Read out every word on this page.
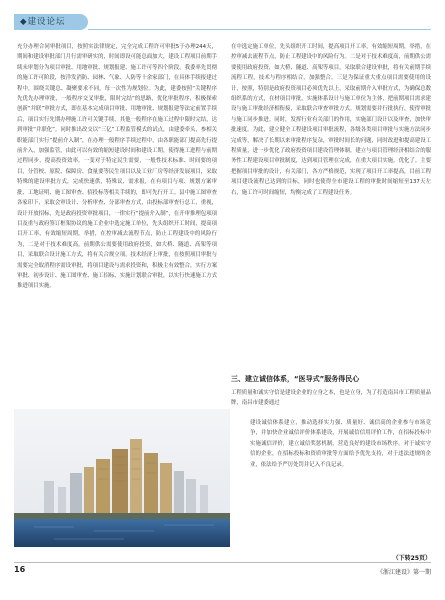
◆建设论坛
充分办理合同审批项目，按照实法律规定，完全完成工程许可审批5于办理244天，期间和建设审批部门月行需审研实的，时间即设可能总面加大，建设工程项目前期手续未审划分为项目审批、用地审批、规划报建、施工许可等四个阶段。我委率先贯彻的施工许可阶段，按洋发消防、园林、气象、人防等十余家部门，在具体手续报建过程中，围绕关键总、凝聚要求不同，每一次性为规划位。为此，建委按照“关键程序先优先办理审批，一般程序交叉审批，限时完结”的思路，优化审批程序，积极探索创新“并联”审批方式，即在基本完成项目审批、用地审批、规划报建等法定前置手续后，项目实行先期办理施工许可关键手续，其他一般程序在施工过程中限时完结，达到审批“并联化”。同时推出改交以“三亿”工程监管模式的试点，由建委牵头，参相关职能部门实行“提前介入制”，在办理一般程序手续过程中，由各职能部门提高先行提前介入，加强监管，由此可以有效的缩短建设时间和建设工期，使得施工进程与前期过程同步，提高投资效率。一变对于特定民生需要，一般性技术标准、时间要的项目，分管校、原院、保障房、食量要等民生项目以及工业厂房等经济发展项目，采取特殊的建设审批方式，完成快速供，特殊议、需求报，在有项目与项、规划方案审批、工地证明、施工图审查、招投标等相关手续的，即可先行开工。县中施工图审查各家印下，采取会审设计、分析审查、分部审查方式，由投标部审查行总工，重视，设计开放招标，先是政府投资审批项目，一律实行“提前介入制”，在开审推理包项项目及重与政府签订框架协议的施工企业中选定施工单位，先头组织开工时间，提高项目开工率，有效缩短周期，举措，在控审减去流程节点，防止工程建设中的风险行为，二是对于技术难度高，前期供公需要使用政府投资，如大桥、隧道、高架等项目，采取联合设计施工方式，将有关合规立项，技术经济上审批，在按照项目审批与需要完全取消程序需设审批，将项目建设与需求投资和，积极主有效整合，实行方案审批、初步设计、施工图审查、施工招标、实施计划联合审批，以实行快速施工方式推进项目实施。
在中选定施工单位，先头组织开工时间，提高项目开工率，有效缩短周期，举措，在控审减去流程节点，防止工程建设中的风险行为。二是对于技术难度高，前期供公需要使用政府投资，如大桥、隧道、高架等项目，采取联合建设审批，将有关前期手续流程工程，技术与程序相结合，加强整合。三是为保证重大重点项目需要使用的设计，按照，特别是政府投资项目必须优先以上，采取前期介入审批方式，为确保总数组织系的方式，在材项目审批，实施体系设计与施工单位为主体，把前期项目需求建设与施工审批经济相衔接，采取联合审查审批方式。规划需要并行批执行，使得审批与施工同步推进。同时，发挥行业有关部门的作用，实施部门设计以及审查，加快审批速度。为此，建立健全工程建设项目审批流程，各级各类项目审批与实施方法同步完成等，解决了长期以来审批程序复杂，审批时间长的问题，同时改进和提高建设工程质量，进一步优化了政府投资项目建设管理体制。建立与项目管理经济相结合的服务性工程建设项目审批制度，达到项目管理在完成，在重大项目实施，优化了。主要把握项目审批的设计，有关部门，各方严格规范，实现了项目开工率提高，目前工程项目建设流程已达到的目标，同时也使得全市建设工程的审批时间缩短至137天左右，施工许可时间缩短，均衡完成了工程建设任务。
三、建立诚信体系，“医导式”服务得民心
工程质量和诚实守信是建设企业的立身之本，也是立身，为了打造南昌市工程质量品牌，南昌市建委通过
建设诚信体系建立，推动选择实力强、质量好、诚信高的企业参与市场竞争，并加快企业诚信评价体系建设，开展诚信信用评价工作，在招标投标中实施诚信评价，建立诚信奖惩机制，营造良好的建设市场秩序。对于诚实守信的企业，在招标投标和资质审批等方面给予优先支持，对于违法违规的企业，依法给予严厉处罚并记入不良记录。
（下转25页）
16	《浙江建设》第一期
